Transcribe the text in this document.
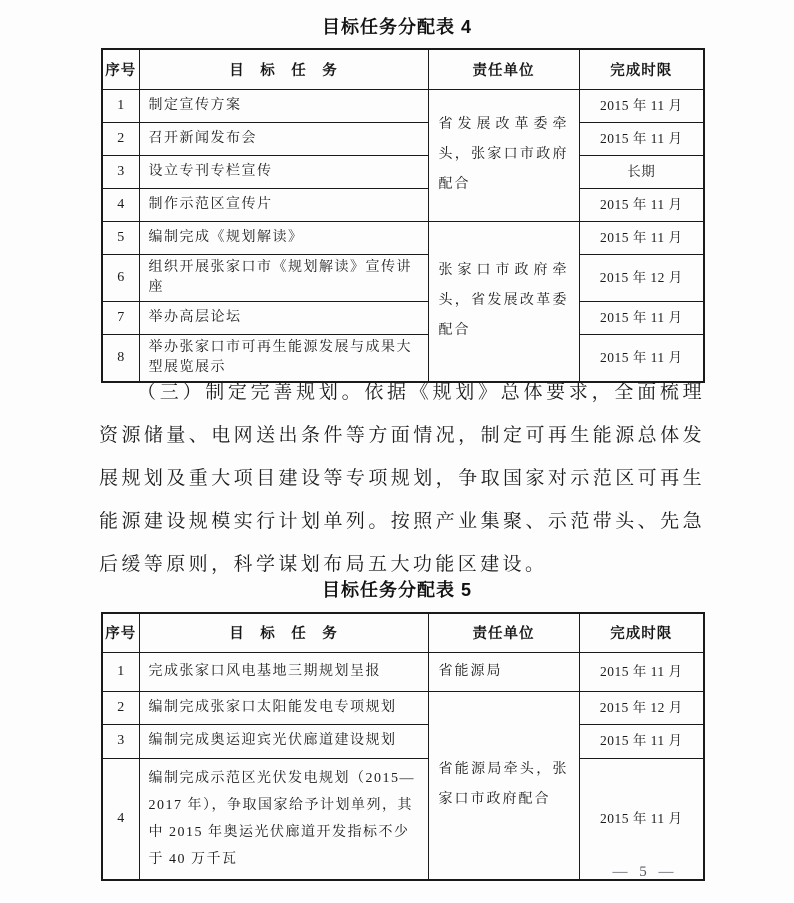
目标任务分配表 4
序号	目　标　任　务	责任单位	完成时限
1	制定宣传方案	省发展改革委牵头，张家口市政府配合	2015 年 11 月
2	召开新闻发布会		2015 年 11 月
3	设立专刊专栏宣传		长期
4	制作示范区宣传片		2015 年 11 月
5	编制完成《规划解读》	张家口市政府牵头，省发展改革委配合	2015 年 11 月
6	组织开展张家口市《规划解读》宣传讲座		2015 年 12 月
7	举办高层论坛		2015 年 11 月
8	举办张家口市可再生能源发展与成果大型展览展示		2015 年 11 月
（三）制定完善规划。依据《规划》总体要求，全面梳理资源储量、电网送出条件等方面情况，制定可再生能源总体发展规划及重大项目建设等专项规划，争取国家对示范区可再生能源建设规模实行计划单列。按照产业集聚、示范带头、先急后缓等原则，科学谋划布局五大功能区建设。
目标任务分配表 5
序号	目　标　任　务	责任单位	完成时限
1	完成张家口风电基地三期规划呈报	省能源局	2015 年 11 月
2	编制完成张家口太阳能发电专项规划	省能源局牵头，张家口市政府配合	2015 年 12 月
3	编制完成奥运迎宾光伏廊道建设规划		2015 年 11 月
4	编制完成示范区光伏发电规划（2015—2017 年），争取国家给予计划单列，其中 2015 年奥运光伏廊道开发指标不少于 40 万千瓦		2015 年 11 月
— 5 —
